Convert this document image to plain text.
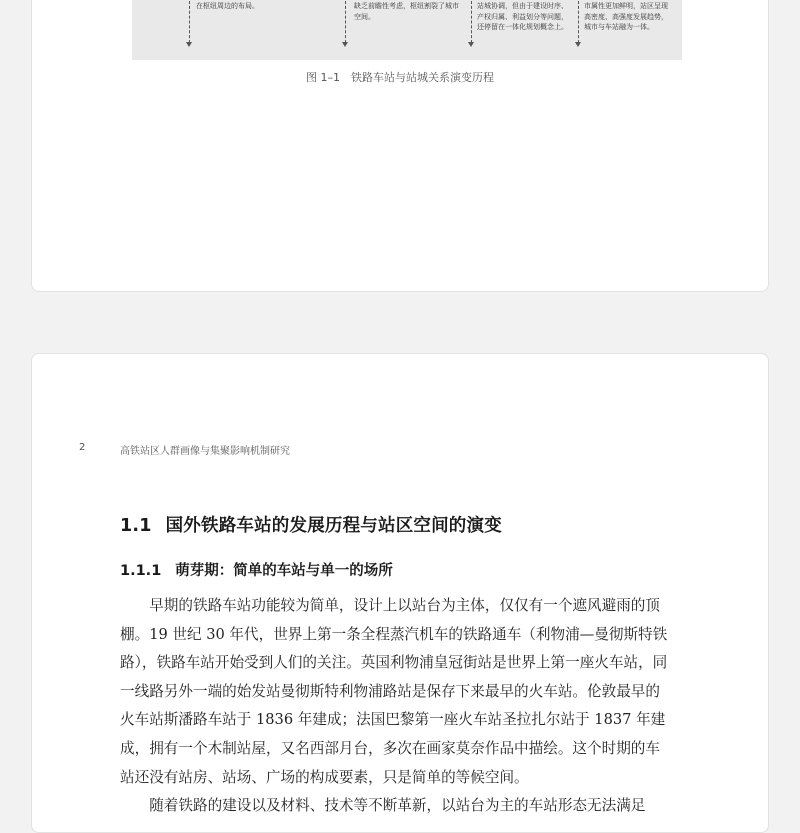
在枢纽周边的布局。	缺乏前瞻性考虑，枢纽割裂了城市
空间。
站城协调，但由于建设时序、
产权归属、利益划分等问题，
还停留在一体化规划概念上。
市属性更加鲜明，站区呈现
高密度、高强度发展趋势，
城市与车站融为一体。
图 1–1　铁路车站与站城关系演变历程
2	高铁站区人群画像与集聚影响机制研究
1.1 国外铁路车站的发展历程与站区空间的演变
1.1.1 萌芽期：简单的车站与单一的场所

早期的铁路车站功能较为简单，设计上以站台为主体，仅仅有一个遮风避雨的顶棚。19 世纪 30 年代，世界上第一条全程蒸汽机车的铁路通车（利物浦—曼彻斯特铁路），铁路车站开始受到人们的关注。英国利物浦皇冠街站是世界上第一座火车站，同一线路另外一端的始发站曼彻斯特利物浦路站是保存下来最早的火车站。伦敦最早的火车站斯潘路车站于 1836 年建成；法国巴黎第一座火车站圣拉扎尔站于 1837 年建成，拥有一个木制站屋，又名西部月台，多次在画家莫奈作品中描绘。这个时期的车站还没有站房、站场、广场的构成要素，只是简单的等候空间。

随着铁路的建设以及材料、技术等不断革新，以站台为主的车站形态无法满足
